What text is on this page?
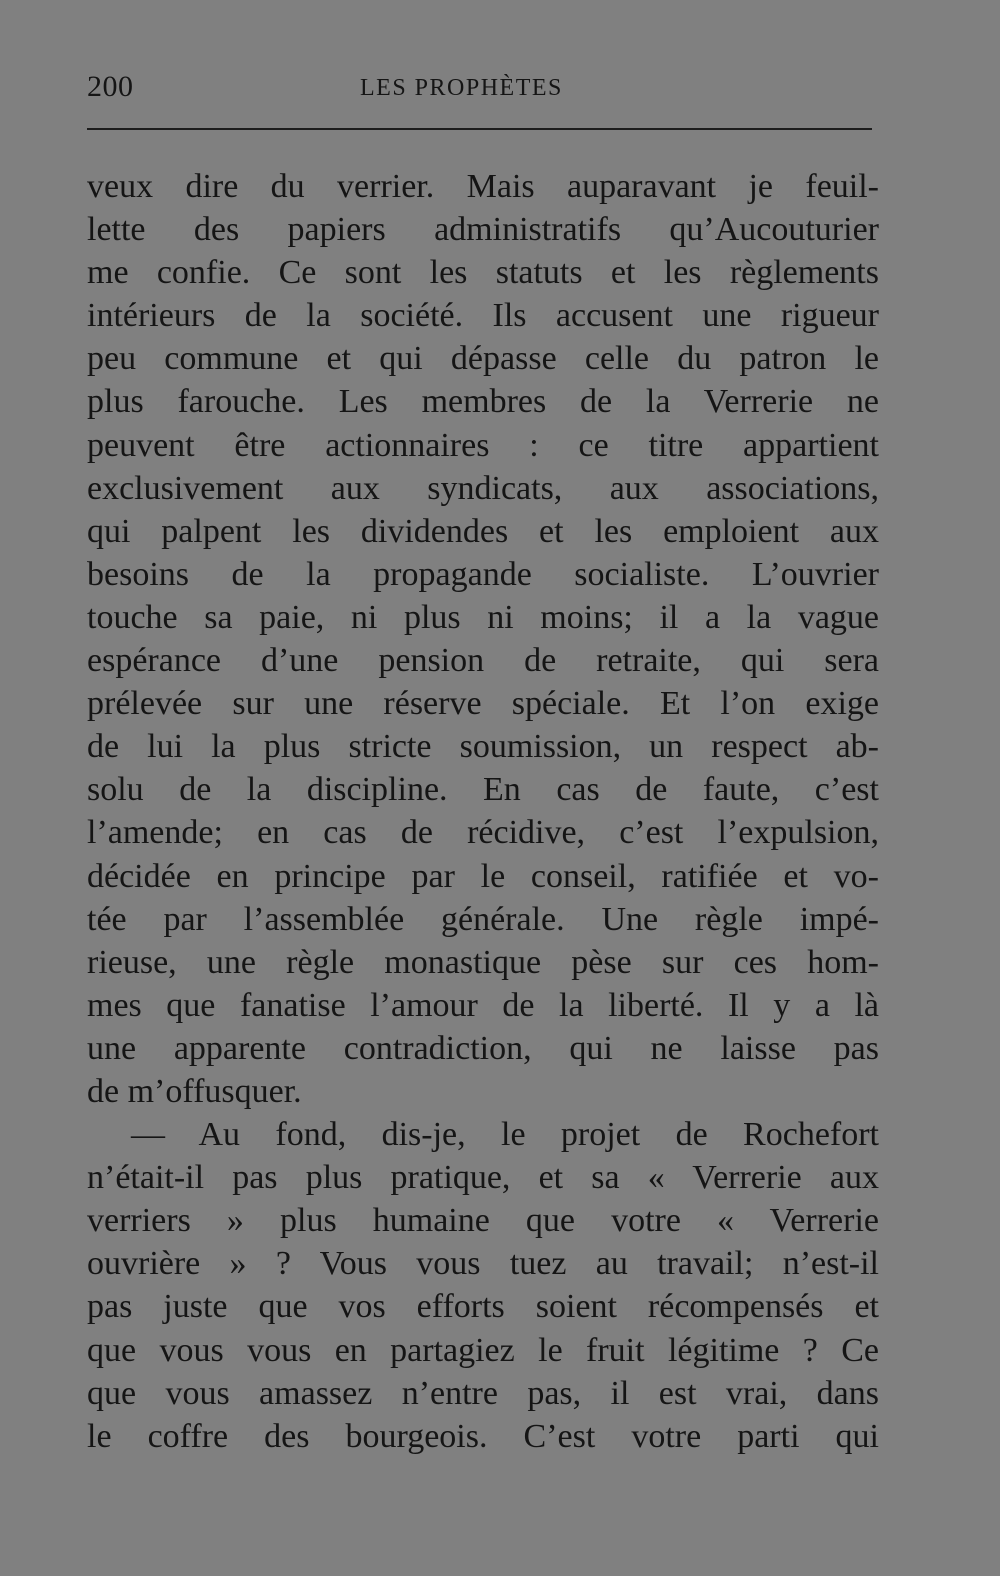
200	LES PROPHÈTES
veux dire du verrier. Mais auparavant je feuil-
lette des papiers administratifs qu’Aucouturier
me confie. Ce sont les statuts et les règlements
intérieurs de la société. Ils accusent une rigueur
peu commune et qui dépasse celle du patron le
plus farouche. Les membres de la Verrerie ne
peuvent être actionnaires : ce titre appartient
exclusivement aux syndicats, aux associations,
qui palpent les dividendes et les emploient aux
besoins de la propagande socialiste. L’ouvrier
touche sa paie, ni plus ni moins; il a la vague
espérance d’une pension de retraite, qui sera
prélevée sur une réserve spéciale. Et l’on exige
de lui la plus stricte soumission, un respect ab-
solu de la discipline. En cas de faute, c’est
l’amende; en cas de récidive, c’est l’expulsion,
décidée en principe par le conseil, ratifiée et vo-
tée par l’assemblée générale. Une règle impé-
rieuse, une règle monastique pèse sur ces hom-
mes que fanatise l’amour de la liberté. Il y a là
une apparente contradiction, qui ne laisse pas
de m’offusquer.
— Au fond, dis-je, le projet de Rochefort
n’était-il pas plus pratique, et sa « Verrerie aux
verriers » plus humaine que votre « Verrerie
ouvrière » ? Vous vous tuez au travail; n’est-il
pas juste que vos efforts soient récompensés et
que vous vous en partagiez le fruit légitime ? Ce
que vous amassez n’entre pas, il est vrai, dans
le coffre des bourgeois. C’est votre parti qui
